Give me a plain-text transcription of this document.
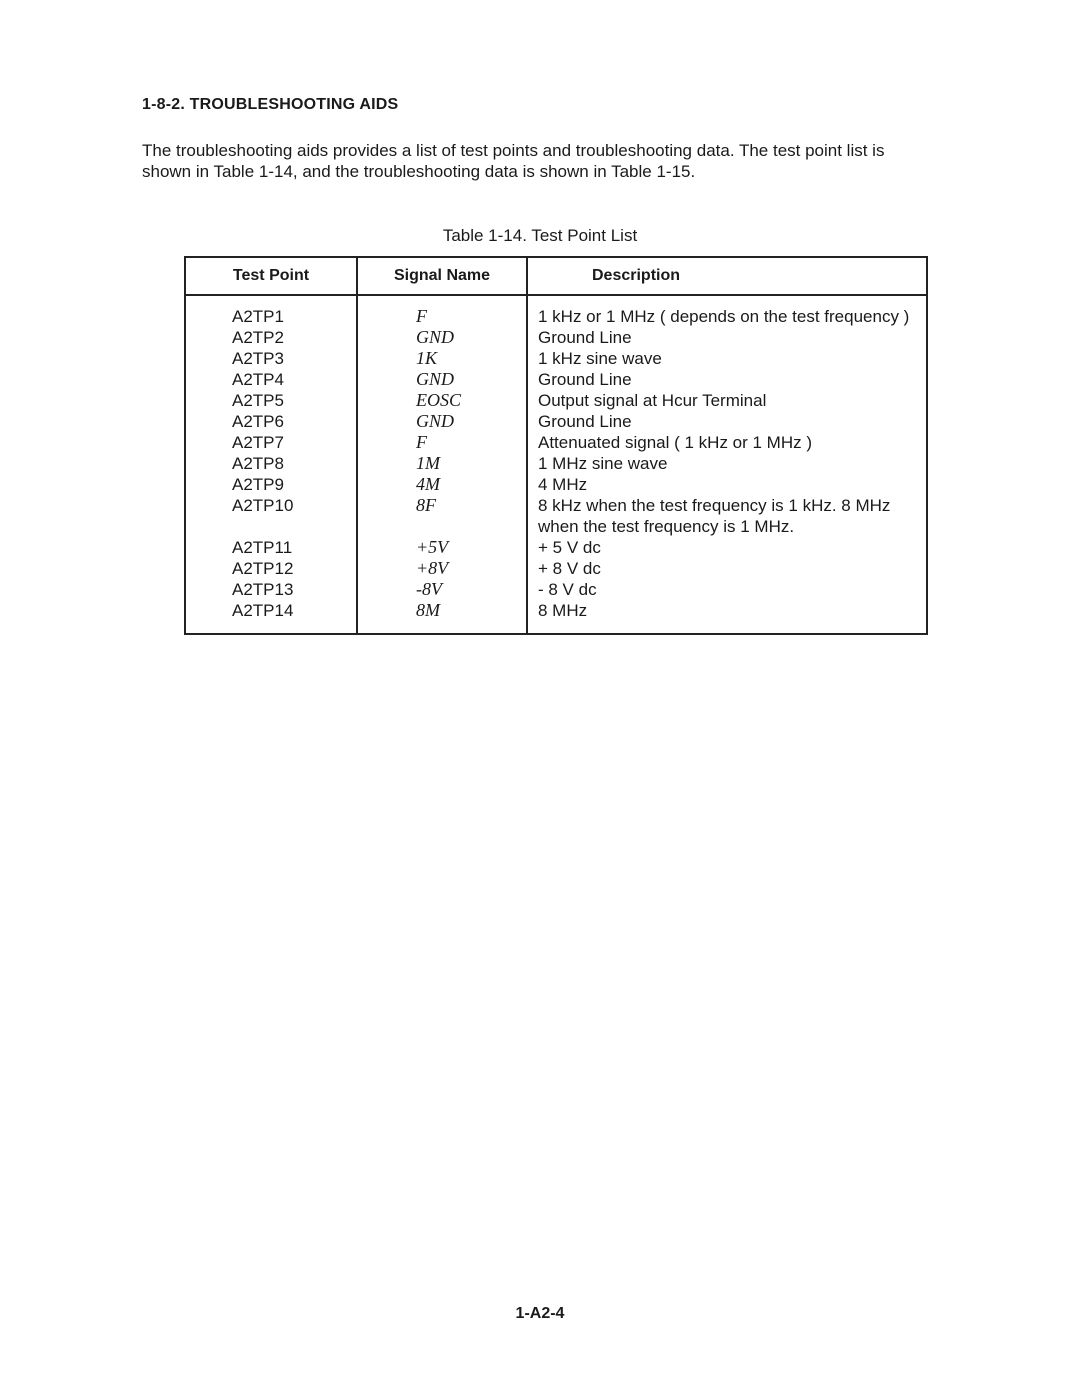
1-8-2. TROUBLESHOOTING AIDS

The troubleshooting aids provides a list of test points and troubleshooting data. The test point list is shown in Table 1-14, and the troubleshooting data is shown in Table 1-15.

Table 1-14. Test Point List
Test Point	Signal Name	Description
A2TP1	F	1 kHz or 1 MHz ( depends on the test frequency )
A2TP2	GND	Ground Line
A2TP3	1K	1 kHz sine wave
A2TP4	GND	Ground Line
A2TP5	EOSC	Output signal at Hcur Terminal
A2TP6	GND	Ground Line
A2TP7	F	Attenuated signal ( 1 kHz or 1 MHz )
A2TP8	1M	1 MHz sine wave
A2TP9	4M	4 MHz
A2TP10	8F	8 kHz when the test frequency is 1 kHz. 8 MHz when the test frequency is 1 MHz.
A2TP11	+5V	+ 5 V dc
A2TP12	+8V	+ 8 V dc
A2TP13	-8V	- 8 V dc
A2TP14	8M	8 MHz
1-A2-4
